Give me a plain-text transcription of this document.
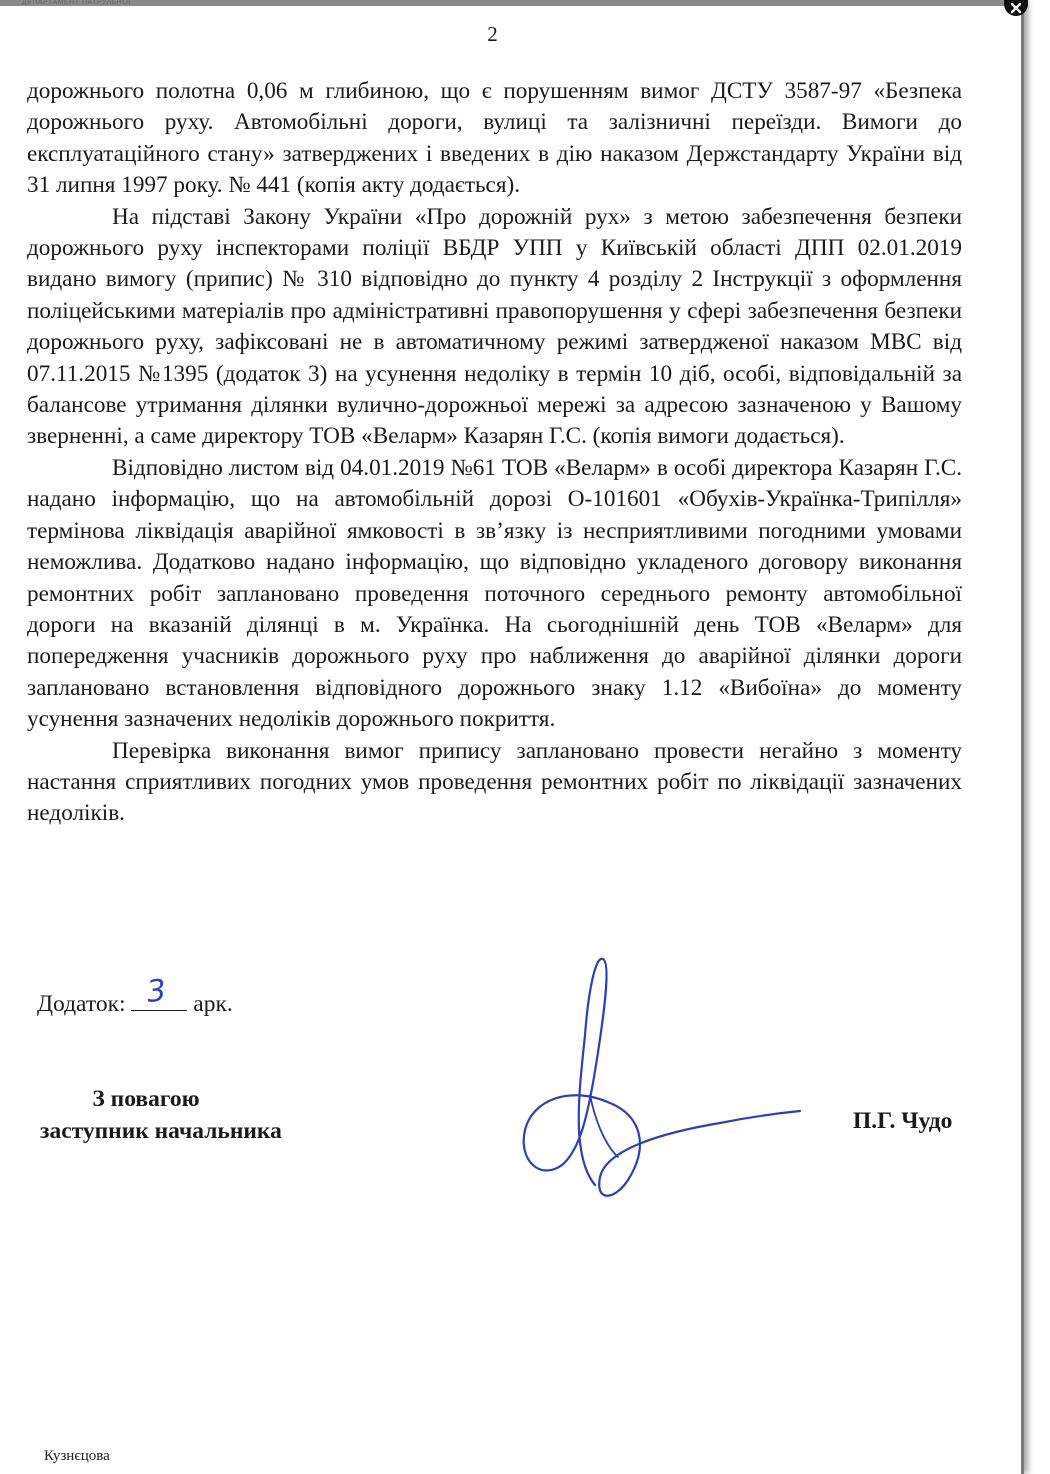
ДЕПАРТАМЕНТ ПАТРУЛЬНОЇ
2

дорожнього полотна 0,06 м глибиною, що є порушенням вимог ДСТУ 3587-97 «Безпека дорожнього руху. Автомобільні дороги, вулиці та залізничні переїзди. Вимоги до експлуатаційного стану» затверджених і введених в дію наказом Держстандарту України від 31 липня 1997 року. № 441 (копія акту додається).

На підставі Закону України «Про дорожній рух» з метою забезпечення безпеки дорожнього руху інспекторами поліції ВБДР УПП у Київській області ДПП 02.01.2019 видано вимогу (припис) № 310 відповідно до пункту 4 розділу 2 Інструкції з оформлення поліцейськими матеріалів про адміністративні правопорушення у сфері забезпечення безпеки дорожнього руху, зафіксовані не в автоматичному режимі затвердженої наказом МВС від 07.11.2015 №1395 (додаток 3) на усунення недоліку в термін 10 діб, особі, відповідальній за балансове утримання ділянки вулично-дорожньої мережі за адресою зазначеною у Вашому зверненні, а саме директору ТОВ «Веларм» Казарян Г.С. (копія вимоги додається).

Відповідно листом від 04.01.2019 №61 ТОВ «Веларм» в особі директора Казарян Г.С. надано інформацію, що на автомобільній дорозі О-101601 «Обухів-Українка-Трипілля» термінова ліквідація аварійної ямковості в зв’язку із несприятливими погодними умовами неможлива. Додатково надано інформацію, що відповідно укладеного договору виконання ремонтних робіт заплановано проведення поточного середнього ремонту автомобільної дороги на вказаній ділянці в м. Українка. На сьогоднішній день ТОВ «Веларм» для попередження учасників дорожнього руху про наближення до аварійної ділянки дороги заплановано встановлення відповідного дорожнього знаку 1.12 «Вибоїна» до моменту усунення зазначених недоліків дорожнього покриття.

Перевірка виконання вимог припису заплановано провести негайно з моменту настання сприятливих погодних умов проведення ремонтних робіт по ліквідації зазначених недоліків.

Додаток: 3 арк.
З повагою
заступник начальника	П.Г. Чудо
Кузнєцова
